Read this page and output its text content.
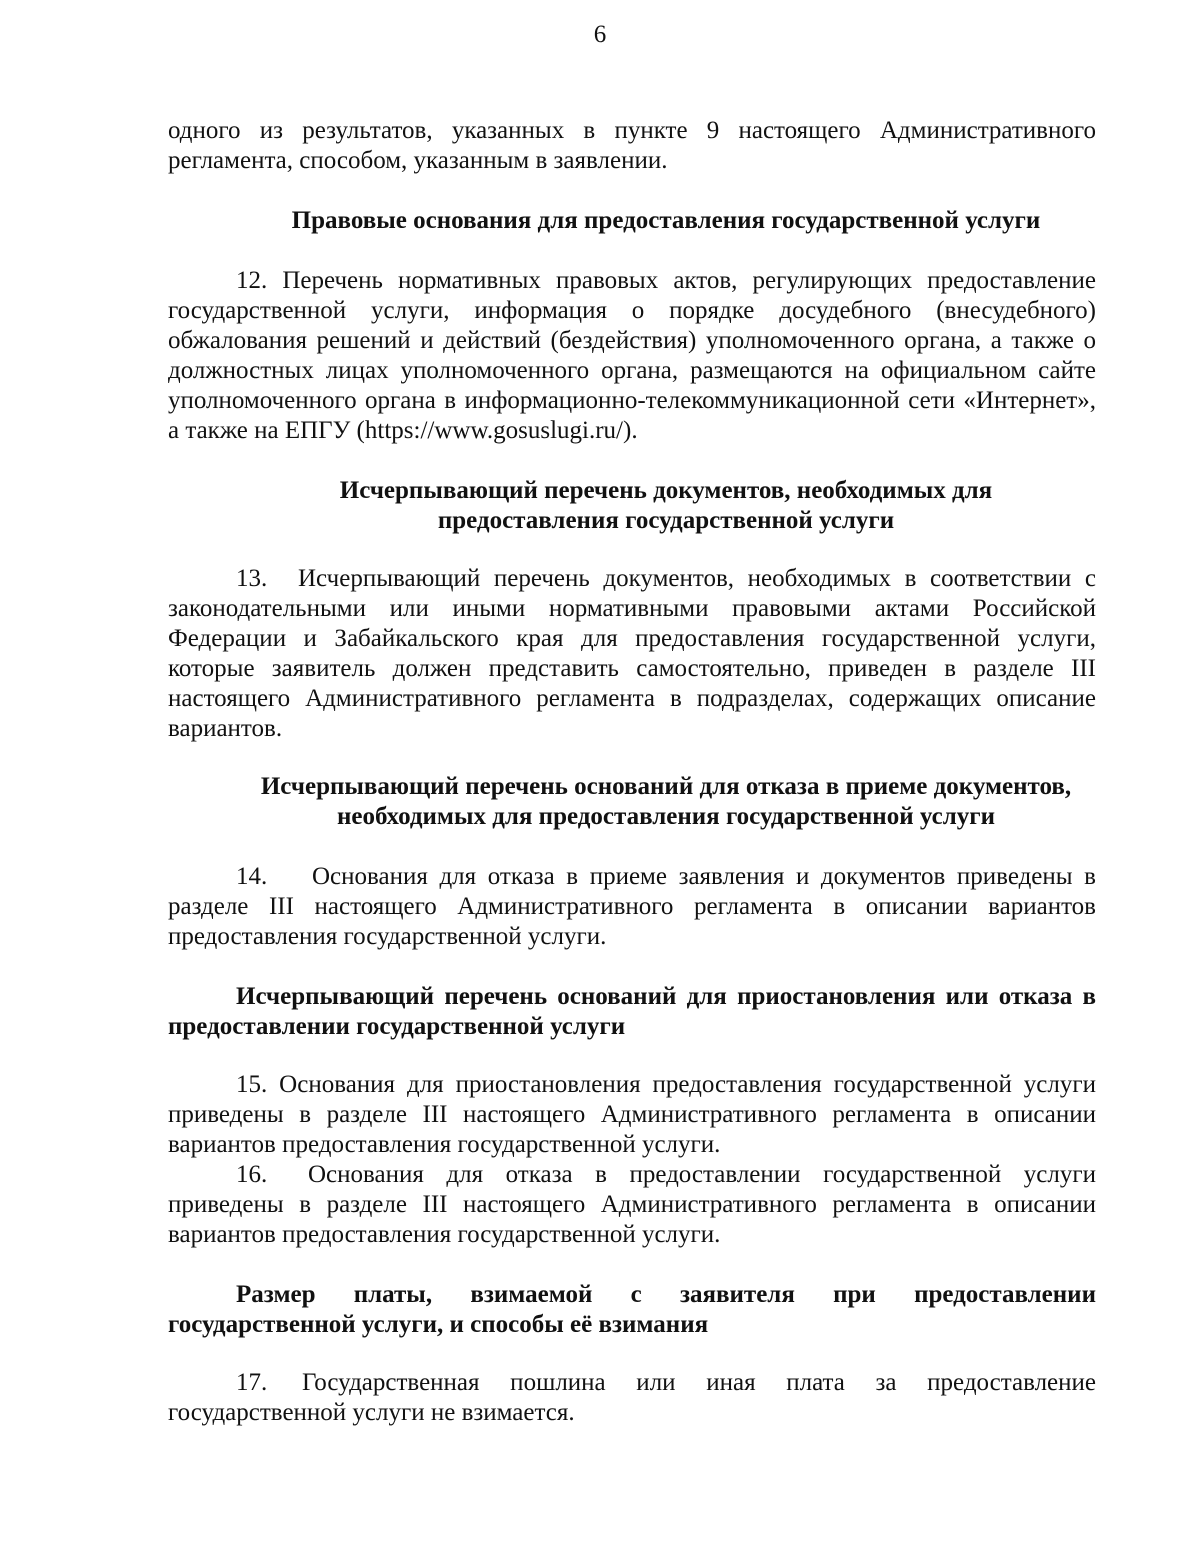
6

одного из результатов, указанных в пункте 9 настоящего Административного регламента, способом, указанным в заявлении.

Правовые основания для предоставления государственной услуги

12. Перечень нормативных правовых актов, регулирующих предоставление государственной услуги, информация о порядке досудебного (внесудебного) обжалования решений и действий (бездействия) уполномоченного органа, а также о должностных лицах уполномоченного органа, размещаются на официальном сайте уполномоченного органа в информационно-телекоммуникационной сети «Интернет», а также на ЕПГУ (https://www.gosuslugi.ru/).

Исчерпывающий перечень документов, необходимых для

предоставления государственной услуги

13. Исчерпывающий перечень документов, необходимых в соответствии с законодательными или иными нормативными правовыми актами Российской Федерации и Забайкальского края для предоставления государственной услуги, которые заявитель должен представить самостоятельно, приведен в разделе III настоящего Административного регламента в подразделах, содержащих описание вариантов.

Исчерпывающий перечень оснований для отказа в приеме документов,

необходимых для предоставления государственной услуги

14. Основания для отказа в приеме заявления и документов приведены в разделе III настоящего Административного регламента в описании вариантов предоставления государственной услуги.

Исчерпывающий перечень оснований для приостановления или отказа в

предоставлении государственной услуги

15. Основания для приостановления предоставления государственной услуги приведены в разделе III настоящего Административного регламента в описании вариантов предоставления государственной услуги.

16. Основания для отказа в предоставлении государственной услуги приведены в разделе III настоящего Административного регламента в описании вариантов предоставления государственной услуги.

Размер платы, взимаемой с заявителя при предоставлении

государственной услуги, и способы её взимания

17. Государственная пошлина или иная плата за предоставление государственной услуги не взимается.
